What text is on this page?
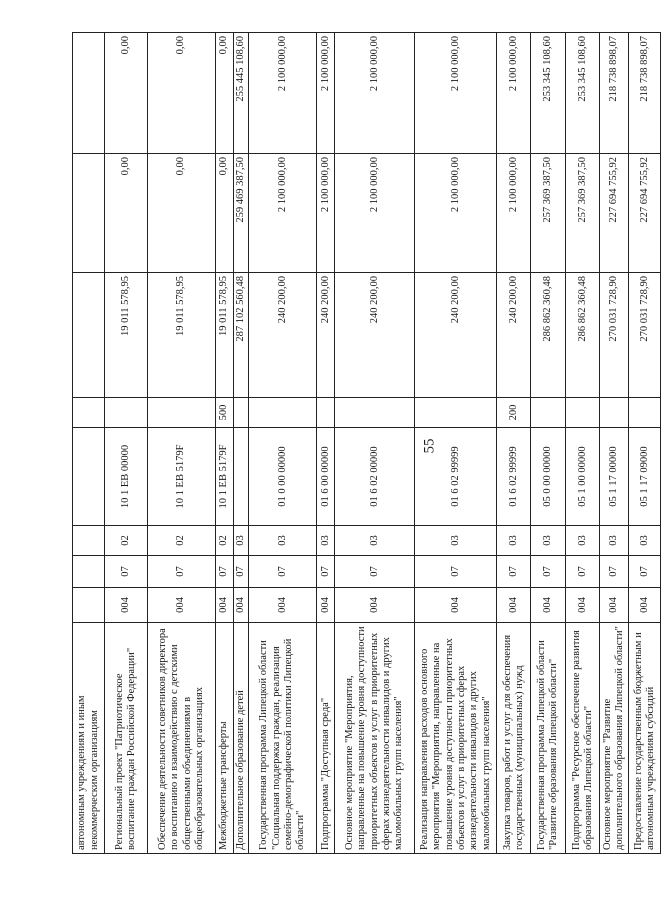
55
автономным учреждениям и иным некоммерческим организациям								
Региональный проект "Патриотическое воспитание граждан Российской Федерации"	004	07	02	10 1 ЕВ 00000		19 011 578,95	0,00	0,00
Обеспечение деятельности советников директора по воспитанию и взаимодействию с детскими общественными объединениями в общеобразовательных организациях	004	07	02	10 1 ЕВ 5179F		19 011 578,95	0,00	0,00
Межбюджетные трансферты	004	07	02	10 1 ЕВ 5179F	500	19 011 578,95	0,00	0,00
Дополнительное образование детей	004	07	03			287 102 560,48	259 469 387,50	255 445 108,60
Государственная программа Липецкой области "Социальная поддержка граждан, реализация семейно-демографической политики Липецкой области"	004	07	03	01 0 00 00000		240 200,00	2 100 000,00	2 100 000,00
Подпрограмма "Доступная среда"	004	07	03	01 6 00 00000		240 200,00	2 100 000,00	2 100 000,00
Основное мероприятие "Мероприятия, направленные на повышение уровня доступности приоритетных объектов и услуг в приоритетных сферах жизнедеятельности инвалидов и других маломобильных групп населения"	004	07	03	01 6 02 00000		240 200,00	2 100 000,00	2 100 000,00
Реализация направления расходов основного мероприятия "Мероприятия, направленные на повышение уровня доступности приоритетных объектов и услуг в приоритетных сферах жизнедеятельности инвалидов и других маломобильных групп населения"	004	07	03	01 6 02 99999		240 200,00	2 100 000,00	2 100 000,00
Закупка товаров, работ и услуг для обеспечения государственных (муниципальных) нужд	004	07	03	01 6 02 99999	200	240 200,00	2 100 000,00	2 100 000,00
Государственная программа Липецкой области "Развитие образования Липецкой области"	004	07	03	05 0 00 00000		286 862 360,48	257 369 387,50	253 345 108,60
Подпрограмма "Ресурсное обеспечение развития образования Липецкой области"	004	07	03	05 1 00 00000		286 862 360,48	257 369 387,50	253 345 108,60
Основное мероприятие "Развитие дополнительного образования Липецкой области"	004	07	03	05 1 17 00000		270 031 728,90	227 694 755,92	218 738 898,07
Предоставление государственным бюджетным и автономным учреждениям субсидий	004	07	03	05 1 17 09000		270 031 728,90	227 694 755,92	218 738 898,07
